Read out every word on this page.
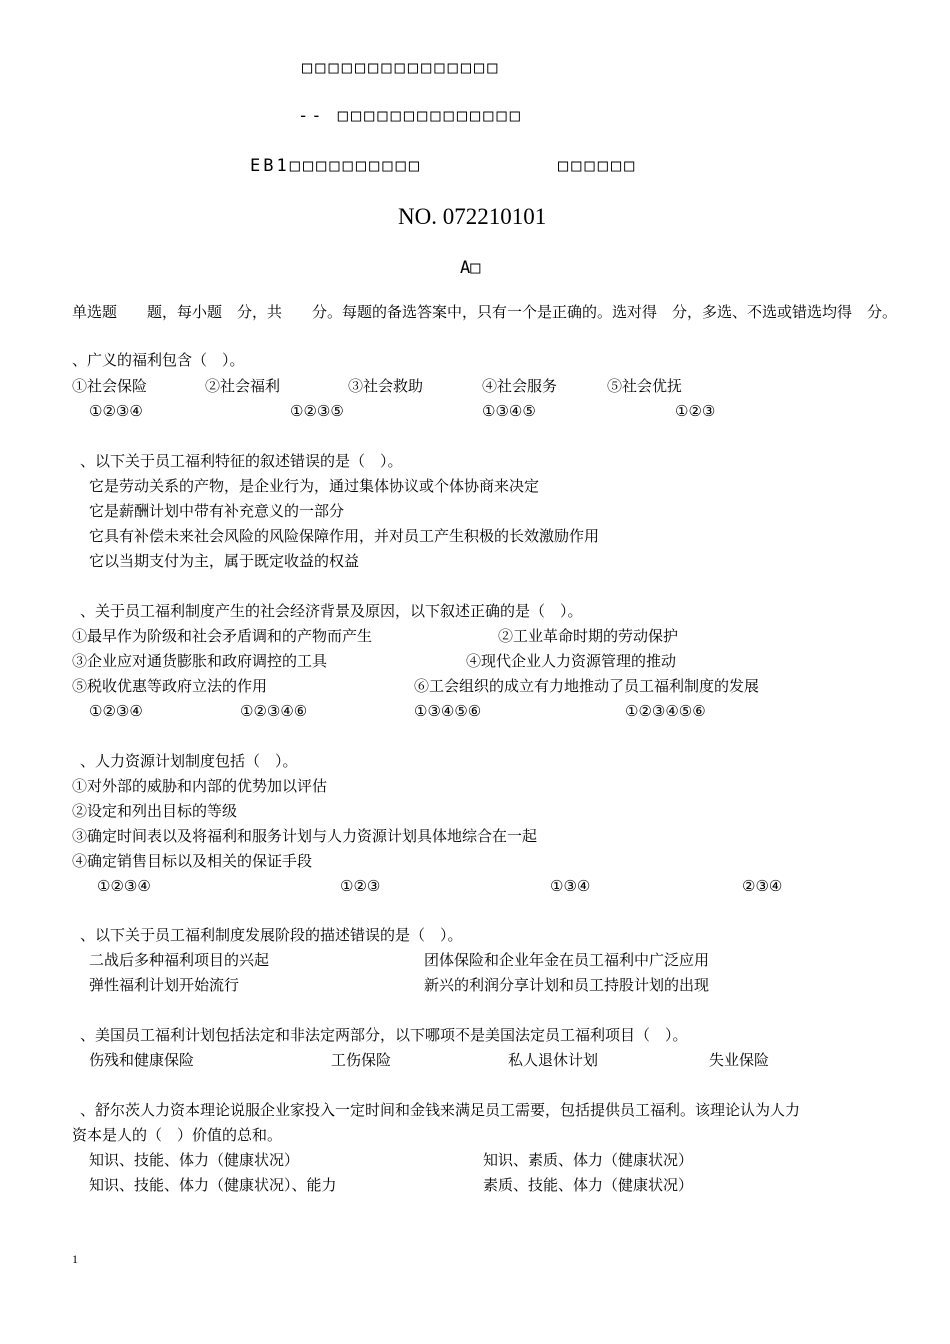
□□□□□□□□□□□□□□□
-- □□□□□□□□□□□□□□
EB1□□□□□□□□□□	□□□□□□
NO. 072210101
A□
单选题　　题，每小题　分，共　　分。每题的备选答案中，只有一个是正确的。选对得　分，多选、不选或错选均得　分。
、广义的福利包含（　）。
①社会保险	②社会福利	③社会救助	④社会服务	⑤社会优抚
①②③④	①②③⑤	①③④⑤	①②③
、以下关于员工福利特征的叙述错误的是（　）。
它是劳动关系的产物，是企业行为，通过集体协议或个体协商来决定
它是薪酬计划中带有补充意义的一部分
它具有补偿未来社会风险的风险保障作用，并对员工产生积极的长效激励作用
它以当期支付为主，属于既定收益的权益
、关于员工福利制度产生的社会经济背景及原因，以下叙述正确的是（　）。
①最早作为阶级和社会矛盾调和的产物而产生	②工业革命时期的劳动保护
③企业应对通货膨胀和政府调控的工具	④现代企业人力资源管理的推动
⑤税收优惠等政府立法的作用	⑥工会组织的成立有力地推动了员工福利制度的发展
①②③④	①②③④⑥	①③④⑤⑥	①②③④⑤⑥
、人力资源计划制度包括（　）。
①对外部的威胁和内部的优势加以评估
②设定和列出目标的等级
③确定时间表以及将福利和服务计划与人力资源计划具体地综合在一起
④确定销售目标以及相关的保证手段
①②③④	①②③	①③④	②③④
、以下关于员工福利制度发展阶段的描述错误的是（　）。
二战后多种福利项目的兴起	团体保险和企业年金在员工福利中广泛应用
弹性福利计划开始流行	新兴的利润分享计划和员工持股计划的出现
、美国员工福利计划包括法定和非法定两部分，以下哪项不是美国法定员工福利项目（　）。
伤残和健康保险	工伤保险	私人退休计划	失业保险
、舒尔茨人力资本理论说服企业家投入一定时间和金钱来满足员工需要，包括提供员工福利。该理论认为人力
资本是人的（　）价值的总和。
知识、技能、体力（健康状况）	知识、素质、体力（健康状况）
知识、技能、体力（健康状况）、能力	素质、技能、体力（健康状况）
1
